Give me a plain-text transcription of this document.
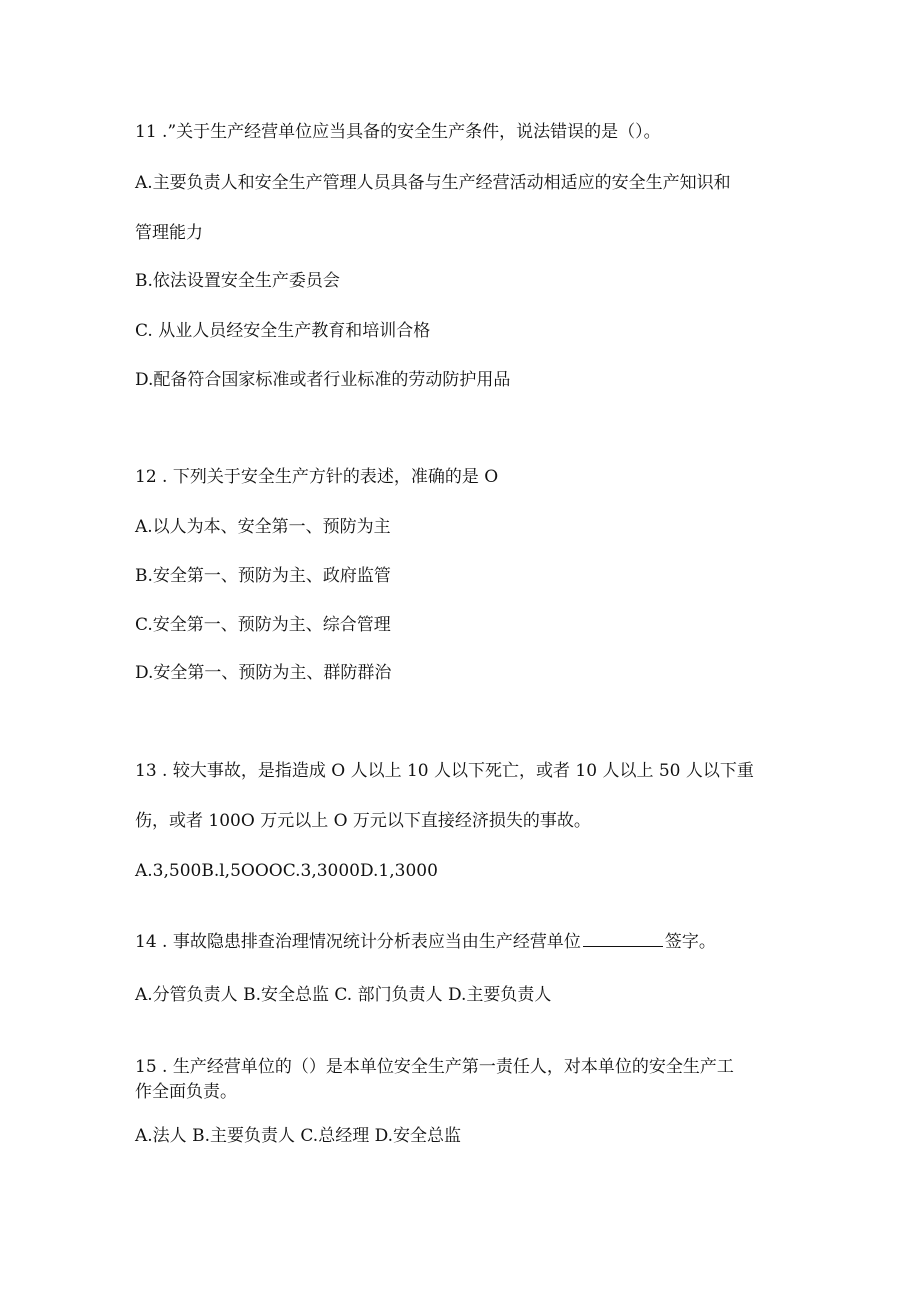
11 .”关于生产经营单位应当具备的安全生产条件，说法错误的是（）。

A.主要负责人和安全生产管理人员具备与生产经营活动相适应的安全生产知识和

管理能力

B.依法设置安全生产委员会

C. 从业人员经安全生产教育和培训合格

D.配备符合国家标准或者行业标准的劳动防护用品

12 . 下列关于安全生产方针的表述，准确的是 O

A.以人为本、安全第一、预防为主

B.安全第一、预防为主、政府监管

C.安全第一、预防为主、综合管理

D.安全第一、预防为主、群防群治

13 . 较大事故，是指造成 O 人以上 10 人以下死亡，或者 10 人以上 50 人以下重

伤，或者 100O 万元以上 O 万元以下直接经济损失的事故。

A.3,500B.l,5OOOC.3,3000D.1,3000

14 . 事故隐患排查治理情况统计分析表应当由生产经营单位	签字。

A.分管负责人 B.安全总监 C. 部门负责人 D.主要负责人

15 . 生产经营单位的（）是本单位安全生产第一责任人，对本单位的安全生产工

作全面负责。

A.法人 B.主要负责人 C.总经理 D.安全总监
